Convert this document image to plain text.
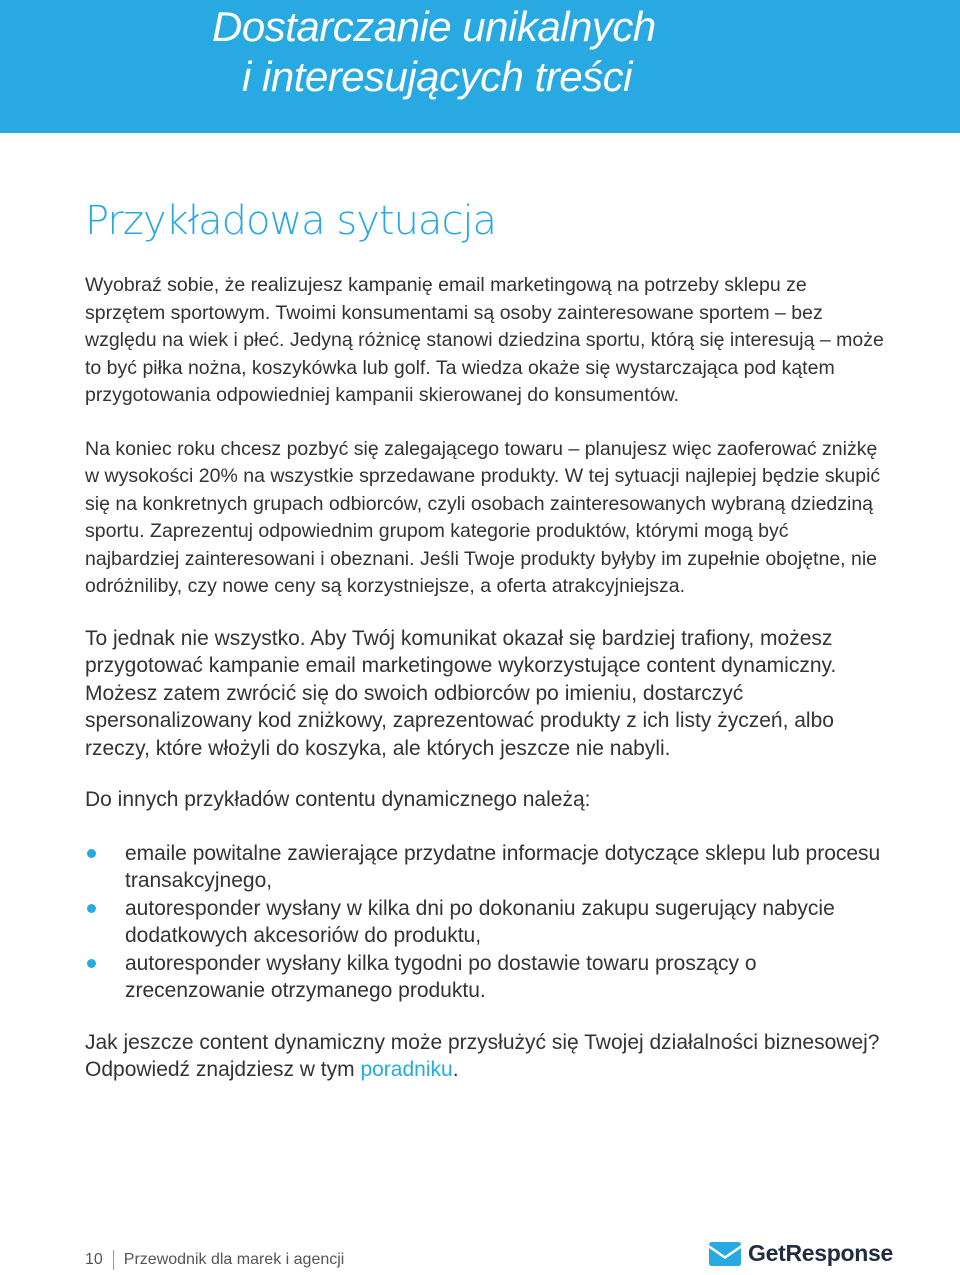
Dostarczanie unikalnych
i interesujących treści
Przykładowa sytuacja

Wyobraź sobie, że realizujesz kampanię email marketingową na potrzeby sklepu ze sprzętem sportowym. Twoimi konsumentami są osoby zainteresowane sportem – bez względu na wiek i płeć. Jedyną różnicę stanowi dziedzina sportu, którą się interesują – może to być piłka nożna, koszykówka lub golf. Ta wiedza okaże się wystarczająca pod kątem przygotowania odpowiedniej kampanii skierowanej do konsumentów.

Na koniec roku chcesz pozbyć się zalegającego towaru – planujesz więc zaoferować zniżkę w wysokości 20% na wszystkie sprzedawane produkty. W tej sytuacji najlepiej będzie skupić się na konkretnych grupach odbiorców, czyli osobach zainteresowanych wybraną dziedziną sportu. Zaprezentuj odpowiednim grupom kategorie produktów, którymi mogą być najbardziej zainteresowani i obeznani. Jeśli Twoje produkty byłyby im zupełnie obojętne, nie odróżniliby, czy nowe ceny są korzystniejsze, a oferta atrakcyjniejsza.

To jednak nie wszystko. Aby Twój komunikat okazał się bardziej trafiony, możesz przygotować kampanie email marketingowe wykorzystujące content dynamiczny. Możesz zatem zwrócić się do swoich odbiorców po imieniu, dostarczyć spersonalizowany kod zniżkowy, zaprezentować produkty z ich listy życzeń, albo rzeczy, które włożyli do koszyka, ale których jeszcze nie nabyli.

Do innych przykładów contentu dynamicznego należą:

emaile powitalne zawierające przydatne informacje dotyczące sklepu lub procesu transakcyjnego,
autoresponder wysłany w kilka dni po dokonaniu zakupu sugerujący nabycie dodatkowych akcesoriów do produktu,
autoresponder wysłany kilka tygodni po dostawie towaru proszący o zrecenzowanie otrzymanego produktu.

Jak jeszcze content dynamiczny może przysłużyć się Twojej działalności biznesowej? Odpowiedź znajdziesz w tym poradniku.

10 Przewodnik dla marek i agencji	GetResponse
